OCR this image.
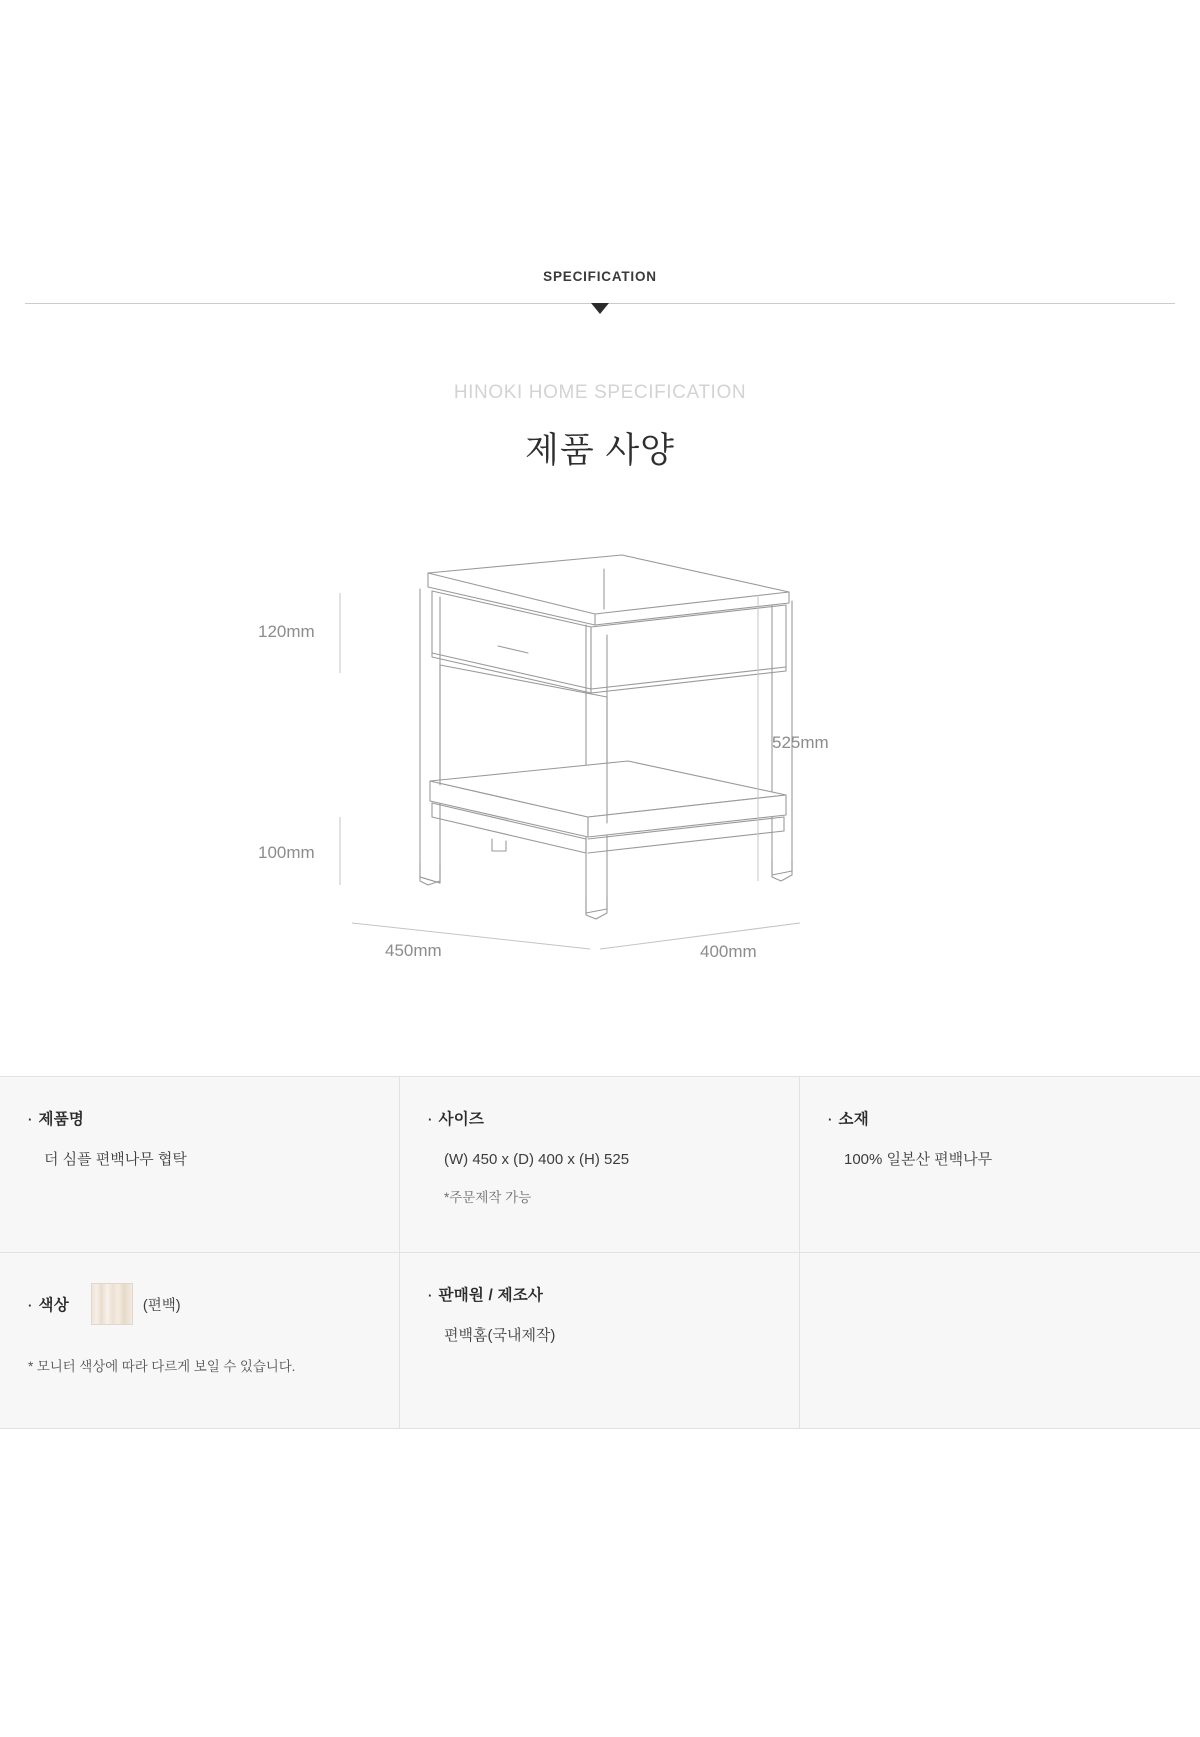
SPECIFICATION
HINOKI HOME SPECIFICATION
제품 사양
120mm
100mm
525mm
450mm	400mm
· 제품명
더 심플 편백나무 협탁
· 사이즈
(W) 450 x (D) 400 x (H) 525
*주문제작 가능
· 소재
100% 일본산 편백나무
· 색상	(편백)
* 모니터 색상에 따라 다르게 보일 수 있습니다.
· 판매원 / 제조사
편백홈(국내제작)
